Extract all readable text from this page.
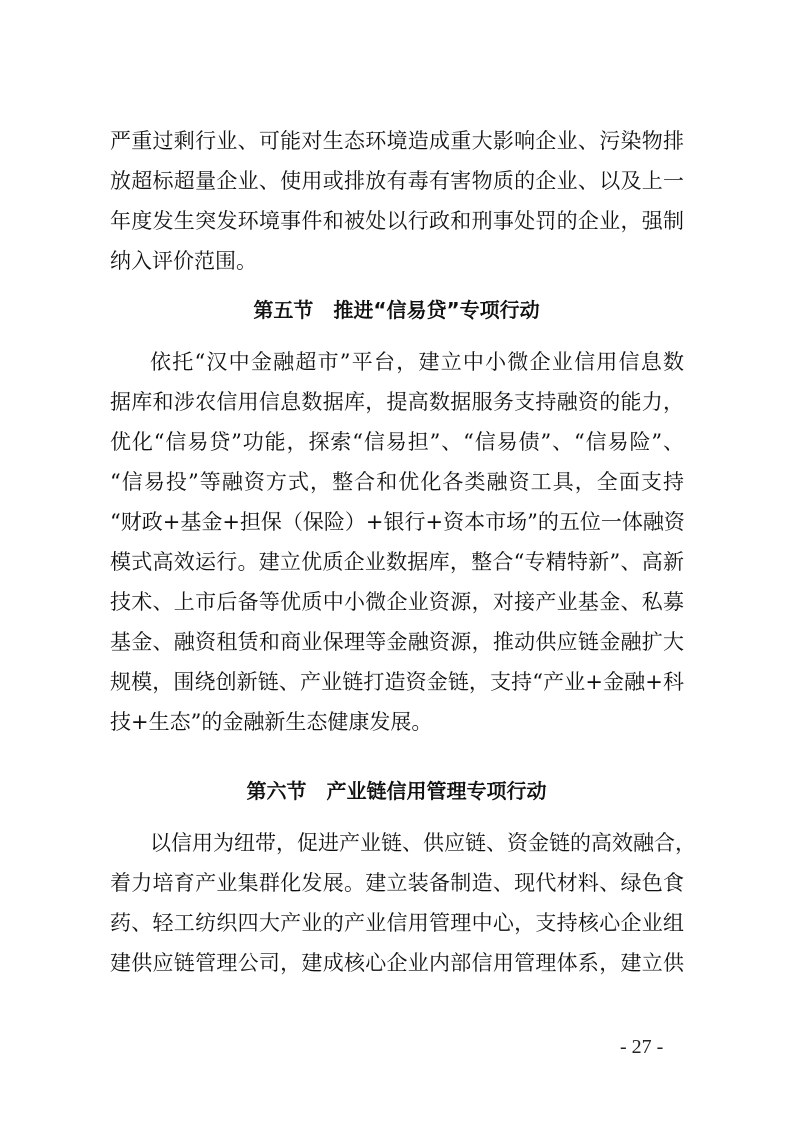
严重过剩行业、可能对生态环境造成重大影响企业、污染物排
放超标超量企业、使用或排放有毒有害物质的企业、以及上一
年度发生突发环境事件和被处以行政和刑事处罚的企业，强制
纳入评价范围。
第五节　推进“信易贷”专项行动
依托“汉中金融超市”平台，建立中小微企业信用信息数
据库和涉农信用信息数据库，提高数据服务支持融资的能力，
优化“信易贷”功能，探索“信易担”、“信易债”、“信易险”、
“信易投”等融资方式，整合和优化各类融资工具，全面支持
“财政+基金+担保（保险）+银行+资本市场”的五位一体融资
模式高效运行。建立优质企业数据库，整合“专精特新”、高新
技术、上市后备等优质中小微企业资源，对接产业基金、私募
基金、融资租赁和商业保理等金融资源，推动供应链金融扩大
规模，围绕创新链、产业链打造资金链，支持“产业+金融+科
技+生态”的金融新生态健康发展。
第六节　产业链信用管理专项行动
以信用为纽带，促进产业链、供应链、资金链的高效融合，
着力培育产业集群化发展。建立装备制造、现代材料、绿色食
药、轻工纺织四大产业的产业信用管理中心，支持核心企业组
建供应链管理公司，建成核心企业内部信用管理体系，建立供
- 27 -
